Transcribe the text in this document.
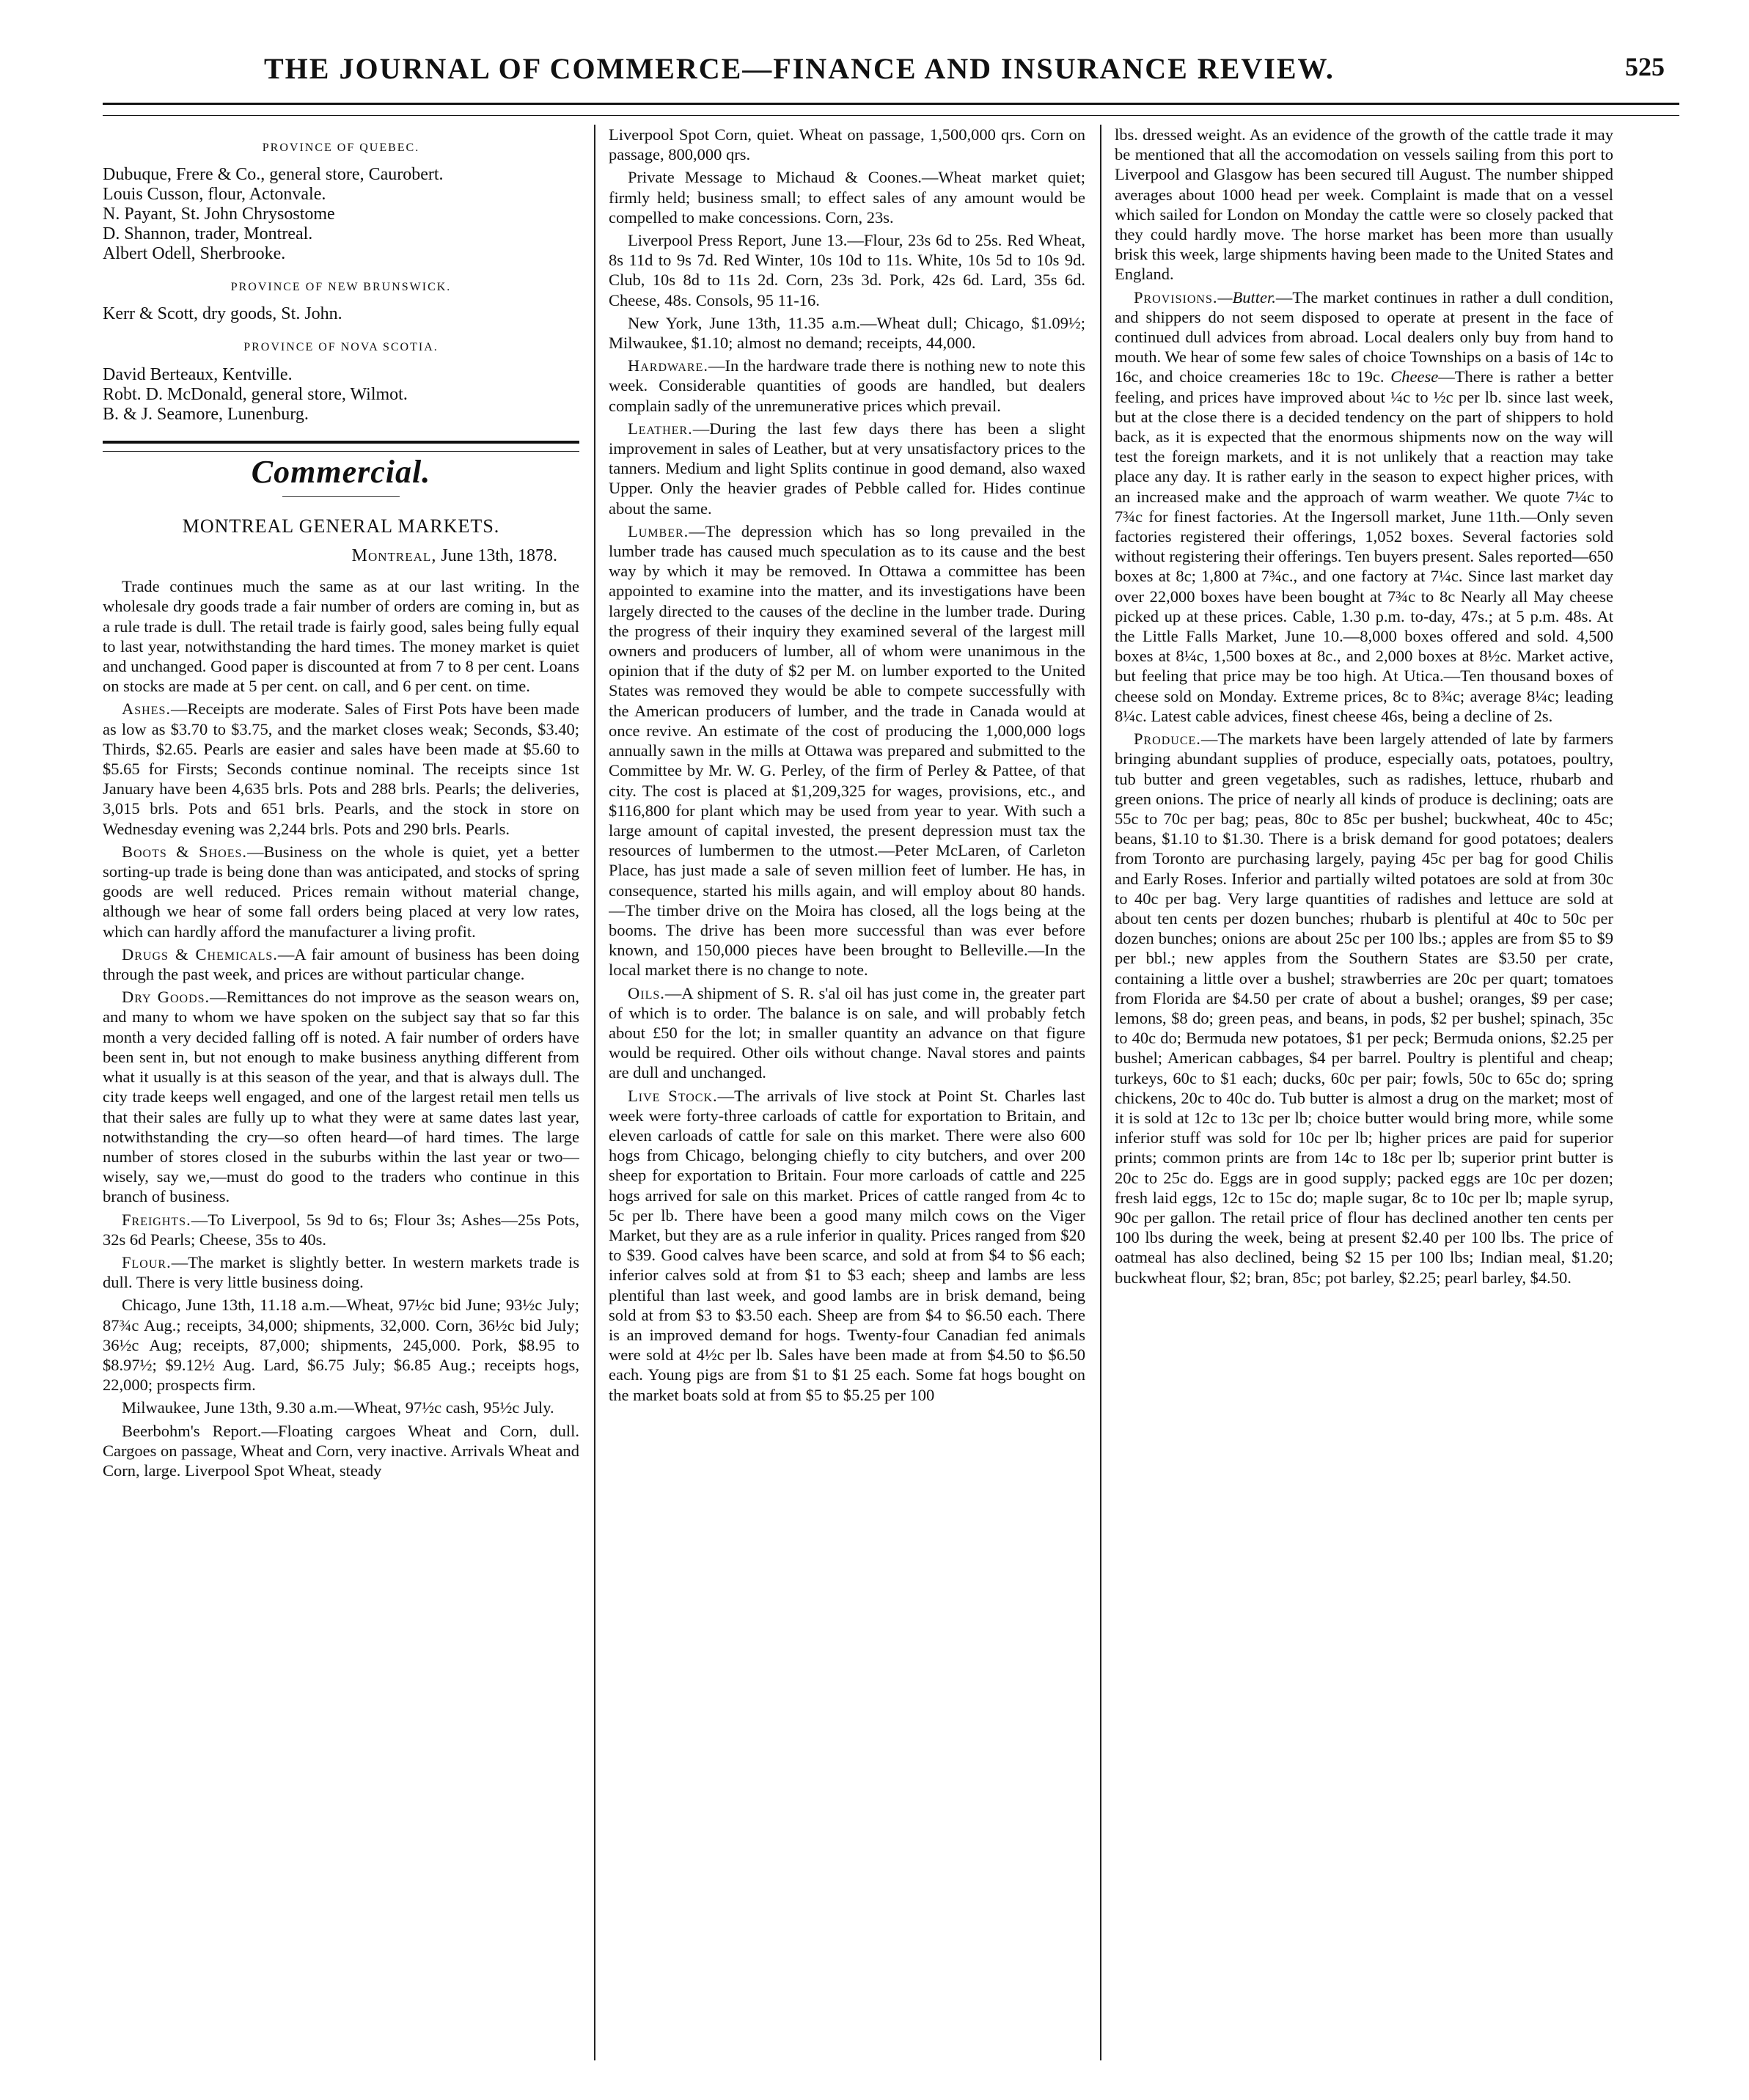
THE JOURNAL OF COMMERCE—FINANCE AND INSURANCE REVIEW.	525
PROVINCE OF QUEBEC.
Dubuque, Frere & Co., general store, Caurobert.
Louis Cusson, flour, Actonvale.
N. Payant, St. John Chrysostome
D. Shannon, trader, Montreal.
Albert Odell, Sherbrooke.
PROVINCE OF NEW BRUNSWICK.
Kerr & Scott, dry goods, St. John.
PROVINCE OF NOVA SCOTIA.
David Berteaux, Kentville.
Robt. D. McDonald, general store, Wilmot.
B. & J. Seamore, Lunenburg.
Commercial.
MONTREAL GENERAL MARKETS.
Montreal, June 13th, 1878.

Trade continues much the same as at our last writing. In the wholesale dry goods trade a fair number of orders are coming in, but as a rule trade is dull. The retail trade is fairly good, sales being fully equal to last year, notwithstanding the hard times. The money market is quiet and unchanged. Good paper is discounted at from 7 to 8 per cent. Loans on stocks are made at 5 per cent. on call, and 6 per cent. on time.

Ashes.—Receipts are moderate. Sales of First Pots have been made as low as $3.70 to $3.75, and the market closes weak; Seconds, $3.40; Thirds, $2.65. Pearls are easier and sales have been made at $5.60 to $5.65 for Firsts; Seconds continue nominal. The receipts since 1st January have been 4,635 brls. Pots and 288 brls. Pearls; the deliveries, 3,015 brls. Pots and 651 brls. Pearls, and the stock in store on Wednesday evening was 2,244 brls. Pots and 290 brls. Pearls.

Boots & Shoes.—Business on the whole is quiet, yet a better sorting-up trade is being done than was anticipated, and stocks of spring goods are well reduced. Prices remain without material change, although we hear of some fall orders being placed at very low rates, which can hardly afford the manufacturer a living profit.

Drugs & Chemicals.—A fair amount of business has been doing through the past week, and prices are without particular change.

Dry Goods.—Remittances do not improve as the season wears on, and many to whom we have spoken on the subject say that so far this month a very decided falling off is noted. A fair number of orders have been sent in, but not enough to make business anything different from what it usually is at this season of the year, and that is always dull. The city trade keeps well engaged, and one of the largest retail men tells us that their sales are fully up to what they were at same dates last year, notwithstanding the cry—so often heard—of hard times. The large number of stores closed in the suburbs within the last year or two—wisely, say we,—must do good to the traders who continue in this branch of business.

Freights.—To Liverpool, 5s 9d to 6s; Flour 3s; Ashes—25s Pots, 32s 6d Pearls; Cheese, 35s to 40s.

Flour.—The market is slightly better. In western markets trade is dull. There is very little business doing.

Chicago, June 13th, 11.18 a.m.—Wheat, 97½c bid June; 93½c July; 87¾c Aug.; receipts, 34,000; shipments, 32,000. Corn, 36½c bid July; 36½c Aug; receipts, 87,000; shipments, 245,000. Pork, $8.95 to $8.97½; $9.12½ Aug. Lard, $6.75 July; $6.85 Aug.; receipts hogs, 22,000; prospects firm.

Milwaukee, June 13th, 9.30 a.m.—Wheat, 97½c cash, 95½c July.

Beerbohm's Report.—Floating cargoes Wheat and Corn, dull. Cargoes on passage, Wheat and Corn, very inactive. Arrivals Wheat and Corn, large. Liverpool Spot Wheat, steady

Liverpool Spot Corn, quiet. Wheat on passage, 1,500,000 qrs. Corn on passage, 800,000 qrs.

Private Message to Michaud & Coones.—Wheat market quiet; firmly held; business small; to effect sales of any amount would be compelled to make concessions. Corn, 23s.

Liverpool Press Report, June 13.—Flour, 23s 6d to 25s. Red Wheat, 8s 11d to 9s 7d. Red Winter, 10s 10d to 11s. White, 10s 5d to 10s 9d. Club, 10s 8d to 11s 2d. Corn, 23s 3d. Pork, 42s 6d. Lard, 35s 6d. Cheese, 48s. Consols, 95 11-16.

New York, June 13th, 11.35 a.m.—Wheat dull; Chicago, $1.09½; Milwaukee, $1.10; almost no demand; receipts, 44,000.

Hardware.—In the hardware trade there is nothing new to note this week. Considerable quantities of goods are handled, but dealers complain sadly of the unremunerative prices which prevail.

Leather.—During the last few days there has been a slight improvement in sales of Leather, but at very unsatisfactory prices to the tanners. Medium and light Splits continue in good demand, also waxed Upper. Only the heavier grades of Pebble called for. Hides continue about the same.

Lumber.—The depression which has so long prevailed in the lumber trade has caused much speculation as to its cause and the best way by which it may be removed. In Ottawa a committee has been appointed to examine into the matter, and its investigations have been largely directed to the causes of the decline in the lumber trade. During the progress of their inquiry they examined several of the largest mill owners and producers of lumber, all of whom were unanimous in the opinion that if the duty of $2 per M. on lumber exported to the United States was removed they would be able to compete successfully with the American producers of lumber, and the trade in Canada would at once revive. An estimate of the cost of producing the 1,000,000 logs annually sawn in the mills at Ottawa was prepared and submitted to the Committee by Mr. W. G. Perley, of the firm of Perley & Pattee, of that city. The cost is placed at $1,209,325 for wages, provisions, etc., and $116,800 for plant which may be used from year to year. With such a large amount of capital invested, the present depression must tax the resources of lumbermen to the utmost.—Peter McLaren, of Carleton Place, has just made a sale of seven million feet of lumber. He has, in consequence, started his mills again, and will employ about 80 hands.—The timber drive on the Moira has closed, all the logs being at the booms. The drive has been more successful than was ever before known, and 150,000 pieces have been brought to Belleville.—In the local market there is no change to note.

Oils.—A shipment of S. R. s'al oil has just come in, the greater part of which is to order. The balance is on sale, and will probably fetch about £50 for the lot; in smaller quantity an advance on that figure would be required. Other oils without change. Naval stores and paints are dull and unchanged.

Live Stock.—The arrivals of live stock at Point St. Charles last week were forty-three carloads of cattle for exportation to Britain, and eleven carloads of cattle for sale on this market. There were also 600 hogs from Chicago, belonging chiefly to city butchers, and over 200 sheep for exportation to Britain. Four more carloads of cattle and 225 hogs arrived for sale on this market. Prices of cattle ranged from 4c to 5c per lb. There have been a good many milch cows on the Viger Market, but they are as a rule inferior in quality. Prices ranged from $20 to $39. Good calves have been scarce, and sold at from $4 to $6 each; inferior calves sold at from $1 to $3 each; sheep and lambs are less plentiful than last week, and good lambs are in brisk demand, being sold at from $3 to $3.50 each. Sheep are from $4 to $6.50 each. There is an improved demand for hogs. Twenty-four Canadian fed animals were sold at 4½c per lb. Sales have been made at from $4.50 to $6.50 each. Young pigs are from $1 to $1 25 each. Some fat hogs bought on the market boats sold at from $5 to $5.25 per 100

lbs. dressed weight. As an evidence of the growth of the cattle trade it may be mentioned that all the accomodation on vessels sailing from this port to Liverpool and Glasgow has been secured till August. The number shipped averages about 1000 head per week. Complaint is made that on a vessel which sailed for London on Monday the cattle were so closely packed that they could hardly move. The horse market has been more than usually brisk this week, large shipments having been made to the United States and England.

Provisions.—Butter.—The market continues in rather a dull condition, and shippers do not seem disposed to operate at present in the face of continued dull advices from abroad. Local dealers only buy from hand to mouth. We hear of some few sales of choice Townships on a basis of 14c to 16c, and choice creameries 18c to 19c. Cheese—There is rather a better feeling, and prices have improved about ¼c to ½c per lb. since last week, but at the close there is a decided tendency on the part of shippers to hold back, as it is expected that the enormous shipments now on the way will test the foreign markets, and it is not unlikely that a reaction may take place any day. It is rather early in the season to expect higher prices, with an increased make and the approach of warm weather. We quote 7¼c to 7¾c for finest factories. At the Ingersoll market, June 11th.—Only seven factories registered their offerings, 1,052 boxes. Several factories sold without registering their offerings. Ten buyers present. Sales reported—650 boxes at 8c; 1,800 at 7¾c., and one factory at 7¼c. Since last market day over 22,000 boxes have been bought at 7¾c to 8c Nearly all May cheese picked up at these prices. Cable, 1.30 p.m. to-day, 47s.; at 5 p.m. 48s. At the Little Falls Market, June 10.—8,000 boxes offered and sold. 4,500 boxes at 8¼c, 1,500 boxes at 8c., and 2,000 boxes at 8½c. Market active, but feeling that price may be too high. At Utica.—Ten thousand boxes of cheese sold on Monday. Extreme prices, 8c to 8¾c; average 8¼c; leading 8¼c. Latest cable advices, finest cheese 46s, being a decline of 2s.

Produce.—The markets have been largely attended of late by farmers bringing abundant supplies of produce, especially oats, potatoes, poultry, tub butter and green vegetables, such as radishes, lettuce, rhubarb and green onions. The price of nearly all kinds of produce is declining; oats are 55c to 70c per bag; peas, 80c to 85c per bushel; buckwheat, 40c to 45c; beans, $1.10 to $1.30. There is a brisk demand for good potatoes; dealers from Toronto are purchasing largely, paying 45c per bag for good Chilis and Early Roses. Inferior and partially wilted potatoes are sold at from 30c to 40c per bag. Very large quantities of radishes and lettuce are sold at about ten cents per dozen bunches; rhubarb is plentiful at 40c to 50c per dozen bunches; onions are about 25c per 100 lbs.; apples are from $5 to $9 per bbl.; new apples from the Southern States are $3.50 per crate, containing a little over a bushel; strawberries are 20c per quart; tomatoes from Florida are $4.50 per crate of about a bushel; oranges, $9 per case; lemons, $8 do; green peas, and beans, in pods, $2 per bushel; spinach, 35c to 40c do; Bermuda new potatoes, $1 per peck; Bermuda onions, $2.25 per bushel; American cabbages, $4 per barrel. Poultry is plentiful and cheap; turkeys, 60c to $1 each; ducks, 60c per pair; fowls, 50c to 65c do; spring chickens, 20c to 40c do. Tub butter is almost a drug on the market; most of it is sold at 12c to 13c per lb; choice butter would bring more, while some inferior stuff was sold for 10c per lb; higher prices are paid for superior prints; common prints are from 14c to 18c per lb; superior print butter is 20c to 25c do. Eggs are in good supply; packed eggs are 10c per dozen; fresh laid eggs, 12c to 15c do; maple sugar, 8c to 10c per lb; maple syrup, 90c per gallon. The retail price of flour has declined another ten cents per 100 lbs during the week, being at present $2.40 per 100 lbs. The price of oatmeal has also declined, being $2 15 per 100 lbs; Indian meal, $1.20; buckwheat flour, $2; bran, 85c; pot barley, $2.25; pearl barley, $4.50.
